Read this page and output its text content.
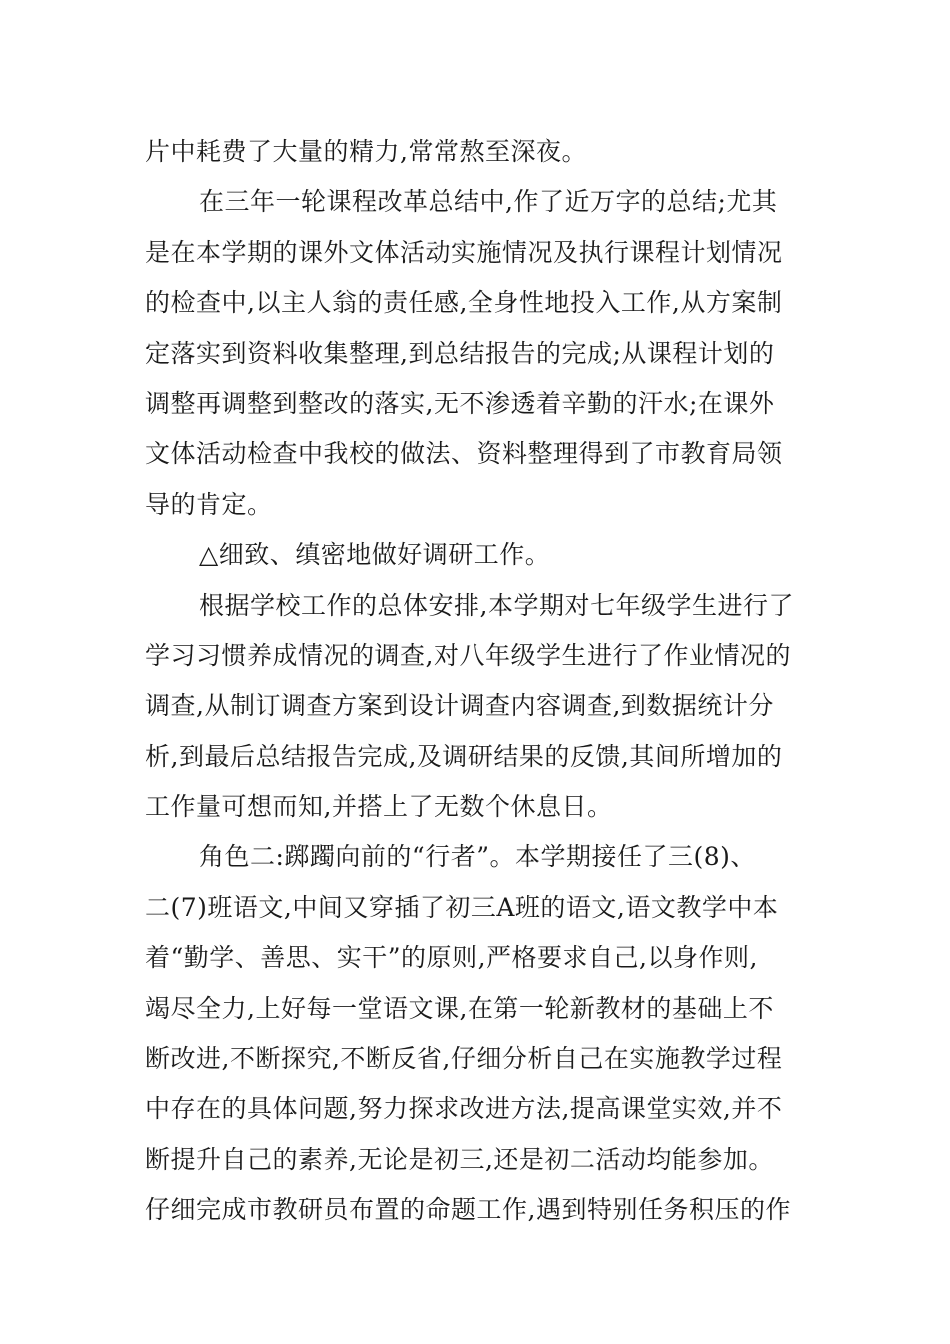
片中耗费了大量的精力,常常熬至深夜。
在三年一轮课程改革总结中,作了近万字的总结;尤其
是在本学期的课外文体活动实施情况及执行课程计划情况
的检查中,以主人翁的责任感,全身性地投入工作,从方案制
定落实到资料收集整理,到总结报告的完成;从课程计划的
调整再调整到整改的落实,无不渗透着辛勤的汗水;在课外
文体活动检查中我校的做法、资料整理得到了市教育局领
导的肯定。
△细致、缜密地做好调研工作。
根据学校工作的总体安排,本学期对七年级学生进行了
学习习惯养成情况的调查,对八年级学生进行了作业情况的
调查,从制订调查方案到设计调查内容调查,到数据统计分
析,到最后总结报告完成,及调研结果的反馈,其间所增加的
工作量可想而知,并搭上了无数个休息日。
角色二:踯躅向前的“行者”。本学期接任了三(8)、
二(7)班语文,中间又穿插了初三A班的语文,语文教学中本
着“勤学、善思、实干”的原则,严格要求自己,以身作则,
竭尽全力,上好每一堂语文课,在第一轮新教材的基础上不
断改进,不断探究,不断反省,仔细分析自己在实施教学过程
中存在的具体问题,努力探求改进方法,提高课堂实效,并不
断提升自己的素养,无论是初三,还是初二活动均能参加。
仔细完成市教研员布置的命题工作,遇到特别任务积压的作
